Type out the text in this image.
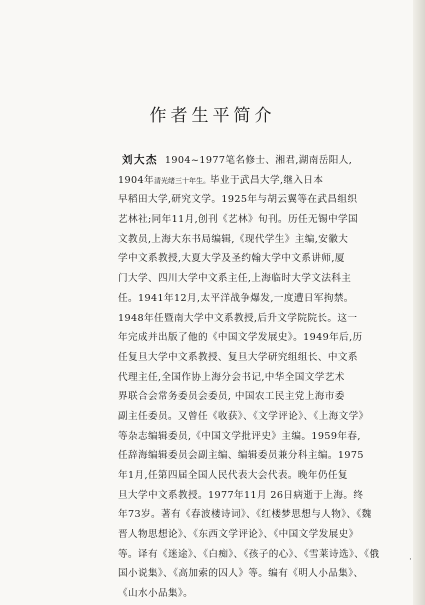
作者生平简介
刘大杰 1904~1977笔名修士、湘君,湖南岳阳人,
1904年清光绪三十年生。毕业于武昌大学,继入日本
早稻田大学,研究文学。1925年与胡云翼等在武昌组织
艺林社;同年11月,创刊《艺林》旬刊。历任无锡中学国
文教员,上海大东书局编辑,《现代学生》主编,安徽大
学中文系教授,大夏大学及圣约翰大学中文系讲师,厦
门大学、四川大学中文系主任,上海临时大学文法科主
任。1941年12月,太平洋战争爆发,一度遭日军拘禁。
1948年任暨南大学中文系教授,后升文学院院长。这一
年完成并出版了他的《中国文学发展史》。1949年后,历
任复旦大学中文系教授、复旦大学研究组组长、中文系
代理主任,全国作协上海分会书记,中华全国文学艺术
界联合会常务委员会委员, 中国农工民主党上海市委
副主任委员。又曾任《收获》、《文学评论》、《上海文学》
等杂志编辑委员,《中国文学批评史》主编。1959年春,
任辞海编辑委员会副主编、编辑委员兼分科主编。1975
年1月,任第四届全国人民代表大会代表。晚年仍任复
旦大学中文系教授。1977年11月 26日病逝于上海。终
年73岁。著有《春波楼诗词》、《红楼梦思想与人物》、《魏
晋人物思想论》、《东西文学评论》、《中国文学发展史》
等。译有《迷途》、《白痴》、《孩子的心》、《雪莱诗选》、《俄
国小说集》、《高加索的囚人》等。编有《明人小品集》、
《山水小品集》。
·
